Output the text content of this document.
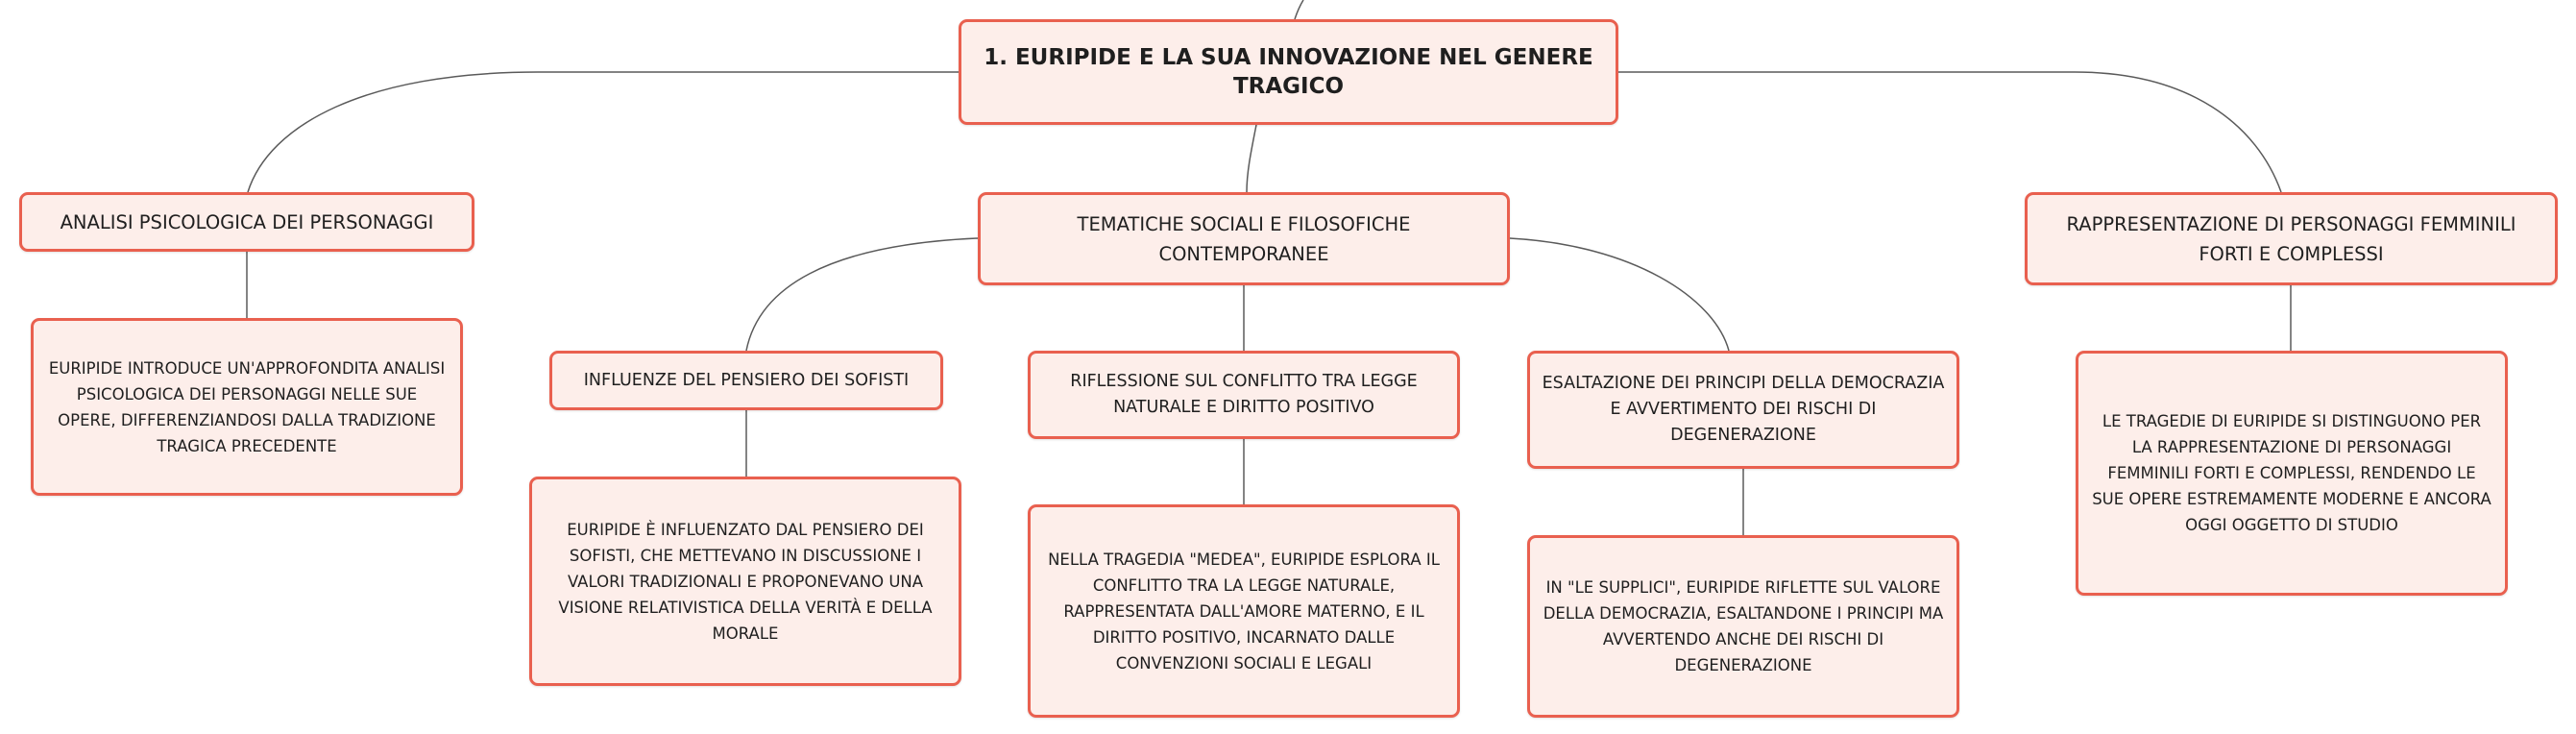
1. EURIPIDE E LA SUA INNOVAZIONE NEL GENERE TRAGICO
ANALISI PSICOLOGICA DEI PERSONAGGI
EURIPIDE INTRODUCE UN'APPROFONDITA ANALISI PSICOLOGICA DEI PERSONAGGI NELLE SUE OPERE, DIFFERENZIANDOSI DALLA TRADIZIONE TRAGICA PRECEDENTE
TEMATICHE SOCIALI E FILOSOFICHE CONTEMPORANEE
INFLUENZE DEL PENSIERO DEI SOFISTI
EURIPIDE È INFLUENZATO DAL PENSIERO DEI SOFISTI, CHE METTEVANO IN DISCUSSIONE I VALORI TRADIZIONALI E PROPONEVANO UNA VISIONE RELATIVISTICA DELLA VERITÀ E DELLA MORALE
RIFLESSIONE SUL CONFLITTO TRA LEGGE NATURALE E DIRITTO POSITIVO
NELLA TRAGEDIA "MEDEA", EURIPIDE ESPLORA IL CONFLITTO TRA LA LEGGE NATURALE, RAPPRESENTATA DALL'AMORE MATERNO, E IL DIRITTO POSITIVO, INCARNATO DALLE CONVENZIONI SOCIALI E LEGALI
ESALTAZIONE DEI PRINCIPI DELLA DEMOCRAZIA E AVVERTIMENTO DEI RISCHI DI DEGENERAZIONE
IN "LE SUPPLICI", EURIPIDE RIFLETTE SUL VALORE DELLA DEMOCRAZIA, ESALTANDONE I PRINCIPI MA AVVERTENDO ANCHE DEI RISCHI DI DEGENERAZIONE
RAPPRESENTAZIONE DI PERSONAGGI FEMMINILI FORTI E COMPLESSI
LE TRAGEDIE DI EURIPIDE SI DISTINGUONO PER LA RAPPRESENTAZIONE DI PERSONAGGI FEMMINILI FORTI E COMPLESSI, RENDENDO LE SUE OPERE ESTREMAMENTE MODERNE E ANCORA OGGI OGGETTO DI STUDIO
